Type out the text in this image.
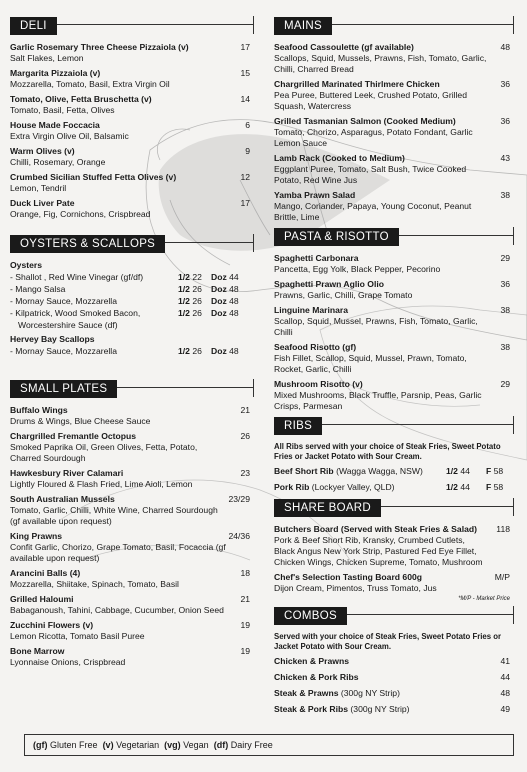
DELI
Garlic Rosemary Three Cheese Pizzaiola (v)
Salt Flakes, Lemon
17
Margarita Pizzaiola (v)
Mozzarella, Tomato, Basil, Extra Virgin Oil
15
Tomato, Olive, Fetta Bruschetta (v)
Tomato, Basil, Fetta, Olives
14
House Made Foccacia
Extra Virgin Olive Oil, Balsamic
6
Warm Olives (v)
Chilli, Rosemary, Orange
9
Crumbed Sicilian Stuffed Fetta Olives (v)
Lemon, Tendril
12
Duck Liver Pate
Orange, Fig, Cornichons, Crispbread
17
OYSTERS & SCALLOPS
Oysters
- Shallot , Red Wine Vinegar (gf/df)	1/2 22 Doz 44
- Mango Salsa	1/2 26 Doz 48
- Mornay Sauce, Mozzarella	1/2 26 Doz 48
- Kilpatrick, Wood Smoked Bacon,	1/2 26 Doz 48
Worcestershire Sauce (df)
Hervey Bay Scallops
- Mornay Sauce, Mozzarella	1/2 26 Doz 48
SMALL PLATES
Buffalo Wings
Drums & Wings, Blue Cheese Sauce
21
Chargrilled Fremantle Octopus
Smoked Paprika Oil, Green Olives, Fetta, Potato, Charred Sourdough
26
Hawkesbury River Calamari
Lightly Floured & Flash Fried, Lime Aioli, Lemon
23
South Australian Mussels
Tomato, Garlic, Chilli, White Wine, Charred Sourdough (gf available upon request)
23/29
King Prawns
Confit Garlic, Chorizo, Grape Tomato, Basil, Focaccia (gf available upon request)
24/36
Arancini Balls (4)
Mozzarella, Shiitake, Spinach, Tomato, Basil
18
Grilled Haloumi
Babaganoush, Tahini, Cabbage, Cucumber, Onion Seed
21
Zucchini Flowers (v)
Lemon Ricotta, Tomato Basil Puree
19
Bone Marrow
Lyonnaise Onions, Crispbread
19
MAINS
Seafood Cassoulette (gf available)
Scallops, Squid, Mussels, Prawns, Fish, Tomato, Garlic, Chilli, Charred Bread
48
Chargrilled Marinated Thirlmere Chicken
Pea Puree, Buttered Leek, Crushed Potato, Grilled Squash, Watercress
36
Grilled Tasmanian Salmon (Cooked Medium)
Tomato, Chorizo, Asparagus, Potato Fondant, Garlic Lemon Sauce
36
Lamb Rack (Cooked to Medium)
Eggplant Puree, Tomato, Salt Bush, Twice Cooked Potato, Red Wine Jus
43
Yamba Prawn Salad
Mango, Coriander, Papaya, Young Coconut, Peanut Brittle, Lime
38
PASTA & RISOTTO
Spaghetti Carbonara
Pancetta, Egg Yolk, Black Pepper, Pecorino
29
Spaghetti Prawn Aglio Olio
Prawns, Garlic, Chilli, Grape Tomato
36
Linguine Marinara
Scallop, Squid, Mussel, Prawns, Fish, Tomato, Garlic, Chilli
38
Seafood Risotto (gf)
Fish Fillet, Scallop, Squid, Mussel, Prawn, Tomato, Rocket, Garlic, Chilli
38
Mushroom Risotto (v)
Mixed Mushrooms, Black Truffle, Parsnip, Peas, Garlic Crisps, Parmesan
29
RIBS
All Ribs served with your choice of Steak Fries, Sweet Potato Fries or Jacket Potato with Sour Cream.
Beef Short Rib (Wagga Wagga, NSW)	1/2 44 F 58
Pork Rib (Lockyer Valley, QLD)	1/2 44 F 58
SHARE BOARD
Butchers Board (Served with Steak Fries & Salad)
Pork & Beef Short Rib, Kransky, Crumbed Cutlets, Black Angus New York Strip, Pastured Fed Eye Fillet, Chicken Wings, Chicken Supreme, Tomato, Mushroom
118
Chef's Selection Tasting Board 600g
Dijon Cream, Pimentos, Truss Tomato, Jus
M/P
*M/P - Market Price
COMBOS
Served with your choice of Steak Fries, Sweet Potato Fries or Jacket Potato with Sour Cream.
Chicken & Prawns	41
Chicken & Pork Ribs	44
Steak & Prawns (300g NY Strip)	48
Steak & Pork Ribs (300g NY Strip)	49
(gf) Gluten Free (v) Vegetarian (vg) Vegan (df) Dairy Free
